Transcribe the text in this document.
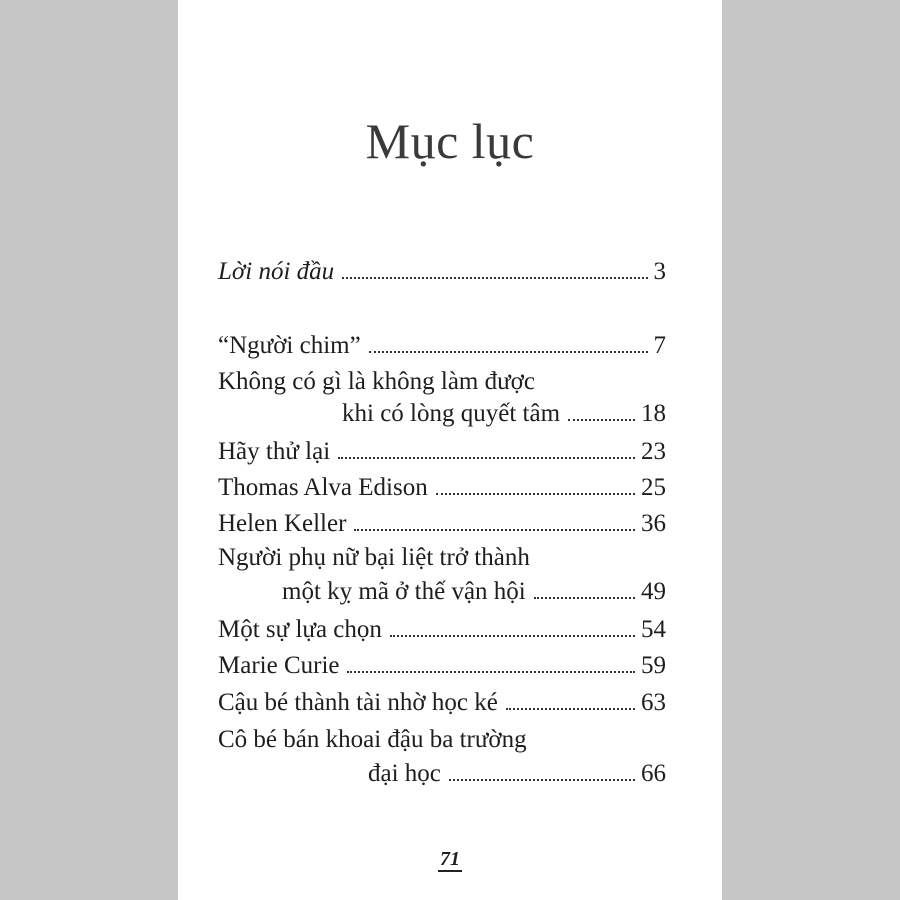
Mục lục
Lời nói đầu	3
“Người chim”	7
Không có gì là không làm được
khi có lòng quyết tâm	18
Hãy thử lại	23
Thomas Alva Edison	25
Helen Keller	36
Người phụ nữ bại liệt trở thành
một kỵ mã ở thế vận hội	49
Một sự lựa chọn	54
Marie Curie	59
Cậu bé thành tài nhờ học ké	63
Cô bé bán khoai đậu ba trường
đại học	66
71
